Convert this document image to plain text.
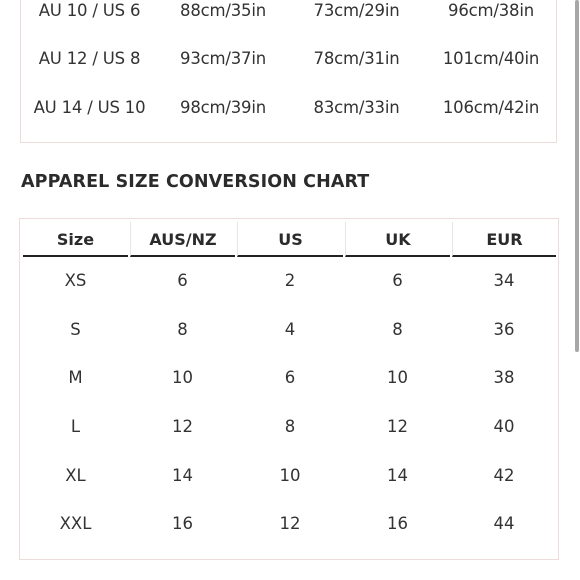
AU 10 / US 6	88cm/35in	73cm/29in	96cm/38in
AU 12 / US 8	93cm/37in	78cm/31in	101cm/40in
AU 14 / US 10	98cm/39in	83cm/33in	106cm/42in
APPAREL SIZE CONVERSION CHART
Size	AUS/NZ	US	UK	EUR
XS	6	2	6	34
S	8	4	8	36
M	10	6	10	38
L	12	8	12	40
XL	14	10	14	42
XXL	16	12	16	44
